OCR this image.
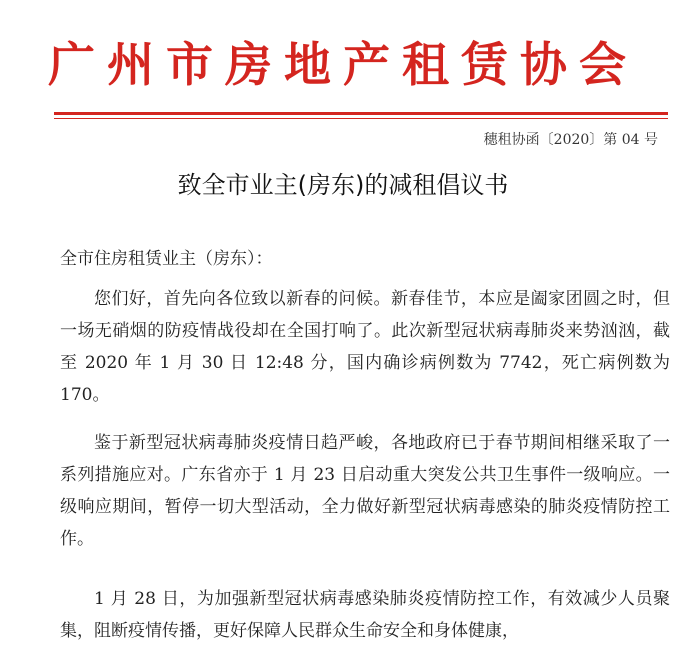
广州市房地产租赁协会
穗租协函〔2020〕第 04 号
致全市业主(房东)的减租倡议书
全市住房租赁业主（房东）：

您们好，首先向各位致以新春的问候。新春佳节，本应是阖家团圆之时，但一场无硝烟的防疫情战役却在全国打响了。此次新型冠状病毒肺炎来势汹汹，截至 2020 年 1 月 30 日 12:48 分，国内确诊病例数为 7742，死亡病例数为 170。

鉴于新型冠状病毒肺炎疫情日趋严峻，各地政府已于春节期间相继采取了一系列措施应对。广东省亦于 1 月 23 日启动重大突发公共卫生事件一级响应。一级响应期间，暂停一切大型活动，全力做好新型冠状病毒感染的肺炎疫情防控工作。

1 月 28 日，为加强新型冠状病毒感染肺炎疫情防控工作，有效减少人员聚集，阻断疫情传播，更好保障人民群众生命安全和身体健康，
